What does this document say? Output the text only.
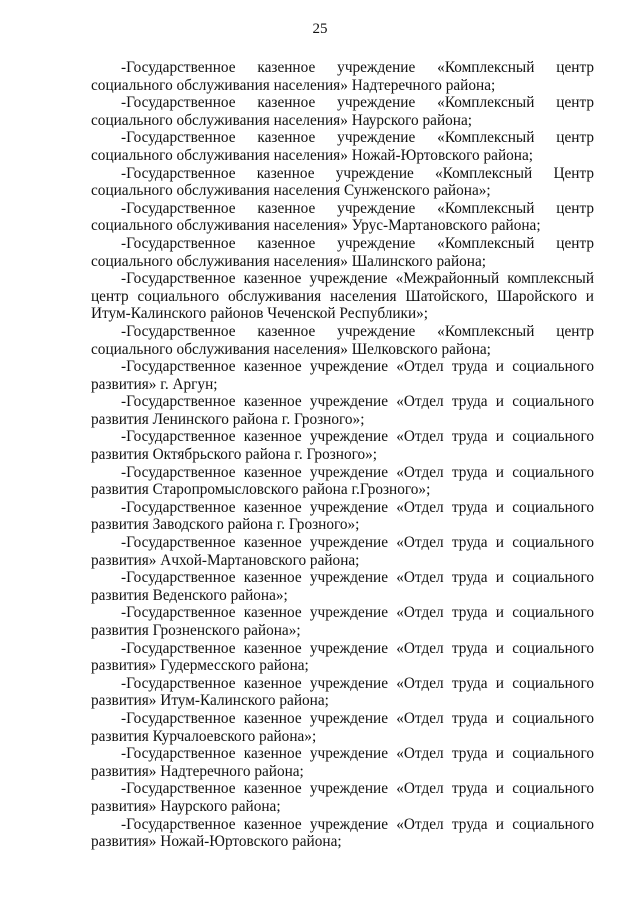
25

-Государственное казенное учреждение «Комплексный центр социального обслуживания населения» Надтеречного района;

-Государственное казенное учреждение «Комплексный центр социального обслуживания населения» Наурского района;

-Государственное казенное учреждение «Комплексный центр социального обслуживания населения» Ножай-Юртовского района;

-Государственное казенное учреждение «Комплексный Центр социального обслуживания населения Сунженского района»;

-Государственное казенное учреждение «Комплексный центр социального обслуживания населения» Урус-Мартановского района;

-Государственное казенное учреждение «Комплексный центр социального обслуживания населения» Шалинского района;

-Государственное казенное учреждение «Межрайонный комплексный центр социального обслуживания населения Шатойского, Шаройского и Итум-Калинского районов Чеченской Республики»;

-Государственное казенное учреждение «Комплексный центр социального обслуживания населения» Шелковского района;

-Государственное казенное учреждение «Отдел труда и социального развития» г. Аргун;

-Государственное казенное учреждение «Отдел труда и социального развития Ленинского района г. Грозного»;

-Государственное казенное учреждение «Отдел труда и социального развития Октябрьского района г. Грозного»;

-Государственное казенное учреждение «Отдел труда и социального развития Старопромысловского района г.Грозного»;

-Государственное казенное учреждение «Отдел труда и социального развития Заводского района г. Грозного»;

-Государственное казенное учреждение «Отдел труда и социального развития» Ачхой-Мартановского района;

-Государственное казенное учреждение «Отдел труда и социального развития Веденского района»;

-Государственное казенное учреждение «Отдел труда и социального развития Грозненского района»;

-Государственное казенное учреждение «Отдел труда и социального развития» Гудермесского района;

-Государственное казенное учреждение «Отдел труда и социального развития» Итум-Калинского района;

-Государственное казенное учреждение «Отдел труда и социального развития Курчалоевского района»;

-Государственное казенное учреждение «Отдел труда и социального развития» Надтеречного района;

-Государственное казенное учреждение «Отдел труда и социального развития» Наурского района;

-Государственное казенное учреждение «Отдел труда и социального развития» Ножай-Юртовского района;
